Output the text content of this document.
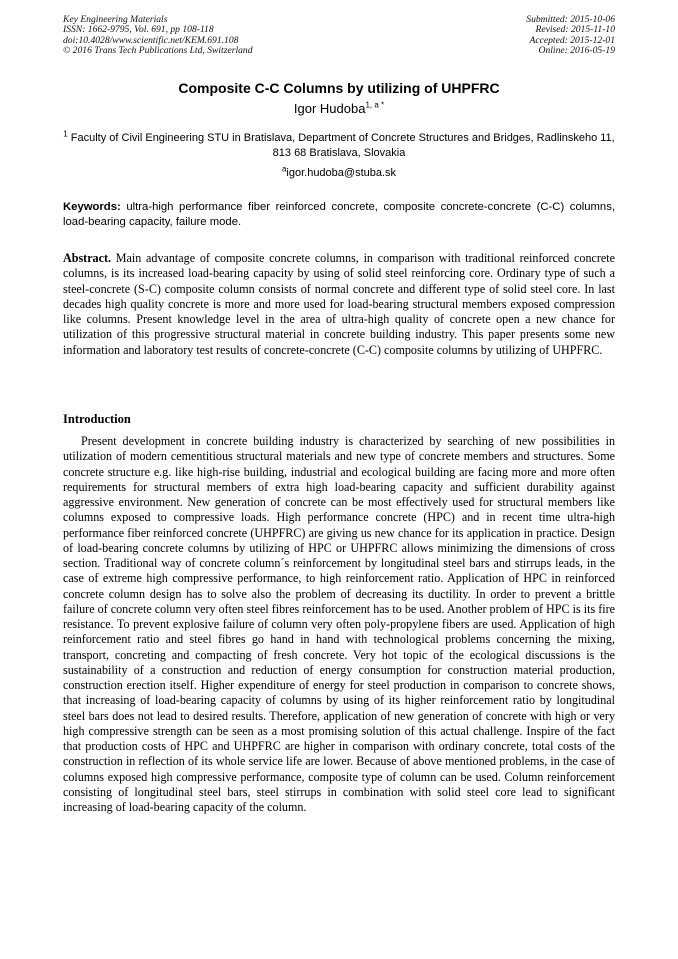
Key Engineering Materials
ISSN: 1662-9795, Vol. 691, pp 108-118
doi:10.4028/www.scientific.net/KEM.691.108
© 2016 Trans Tech Publications Ltd, Switzerland
Submitted: 2015-10-06
Revised: 2015-11-10
Accepted: 2015-12-01
Online: 2016-05-19
Composite C-C Columns by utilizing of UHPFRC
Igor Hudoba$^{1, a *}$
$^1$ Faculty of Civil Engineering STU in Bratislava, Department of Concrete Structures and Bridges, Radlinskeho 11, 813 68 Bratislava, Slovakia
$^a$igor.hudoba@stuba.sk
Keywords: ultra-high performance fiber reinforced concrete, composite concrete-concrete (C-C) columns, load-bearing capacity, failure mode.
Abstract. Main advantage of composite concrete columns, in comparison with traditional reinforced concrete columns, is its increased load-bearing capacity by using of solid steel reinforcing core. Ordinary type of such a steel-concrete (S-C) composite column consists of normal concrete and different type of solid steel core. In last decades high quality concrete is more and more used for load-bearing structural members exposed compression like columns. Present knowledge level in the area of ultra-high quality of concrete open a new chance for utilization of this progressive structural material in concrete building industry. This paper presents some new information and laboratory test results of concrete-concrete (C-C) composite columns by utilizing of UHPFRC.
Introduction
Present development in concrete building industry is characterized by searching of new possibilities in utilization of modern cementitious structural materials and new type of concrete members and structures. Some concrete structure e.g. like high-rise building, industrial and ecological building are facing more and more often requirements for structural members of extra high load-bearing capacity and sufficient durability against aggressive environment. New generation of concrete can be most effectively used for structural members like columns exposed to compressive loads. High performance concrete (HPC) and in recent time ultra-high performance fiber reinforced concrete (UHPFRC) are giving us new chance for its application in practice. Design of load-bearing concrete columns by utilizing of HPC or UHPFRC allows minimizing the dimensions of cross section. Traditional way of concrete column´s reinforcement by longitudinal steel bars and stirrups leads, in the case of extreme high compressive performance, to high reinforcement ratio. Application of HPC in reinforced concrete column design has to solve also the problem of decreasing its ductility. In order to prevent a brittle failure of concrete column very often steel fibres reinforcement has to be used. Another problem of HPC is its fire resistance. To prevent explosive failure of column very often poly-propylene fibers are used. Application of high reinforcement ratio and steel fibres go hand in hand with technological problems concerning the mixing, transport, concreting and compacting of fresh concrete. Very hot topic of the ecological discussions is the sustainability of a construction and reduction of energy consumption for construction material production, construction erection itself. Higher expenditure of energy for steel production in comparison to concrete shows, that increasing of load-bearing capacity of columns by using of its higher reinforcement ratio by longitudinal steel bars does not lead to desired results. Therefore, application of new generation of concrete with high or very high compressive strength can be seen as a most promising solution of this actual challenge. Inspire of the fact that production costs of HPC and UHPFRC are higher in comparison with ordinary concrete, total costs of the construction in reflection of its whole service life are lower. Because of above mentioned problems, in the case of columns exposed high compressive performance, composite type of column can be used. Column reinforcement consisting of longitudinal steel bars, steel stirrups in combination with solid steel core lead to significant increasing of load-bearing capacity of the column.
